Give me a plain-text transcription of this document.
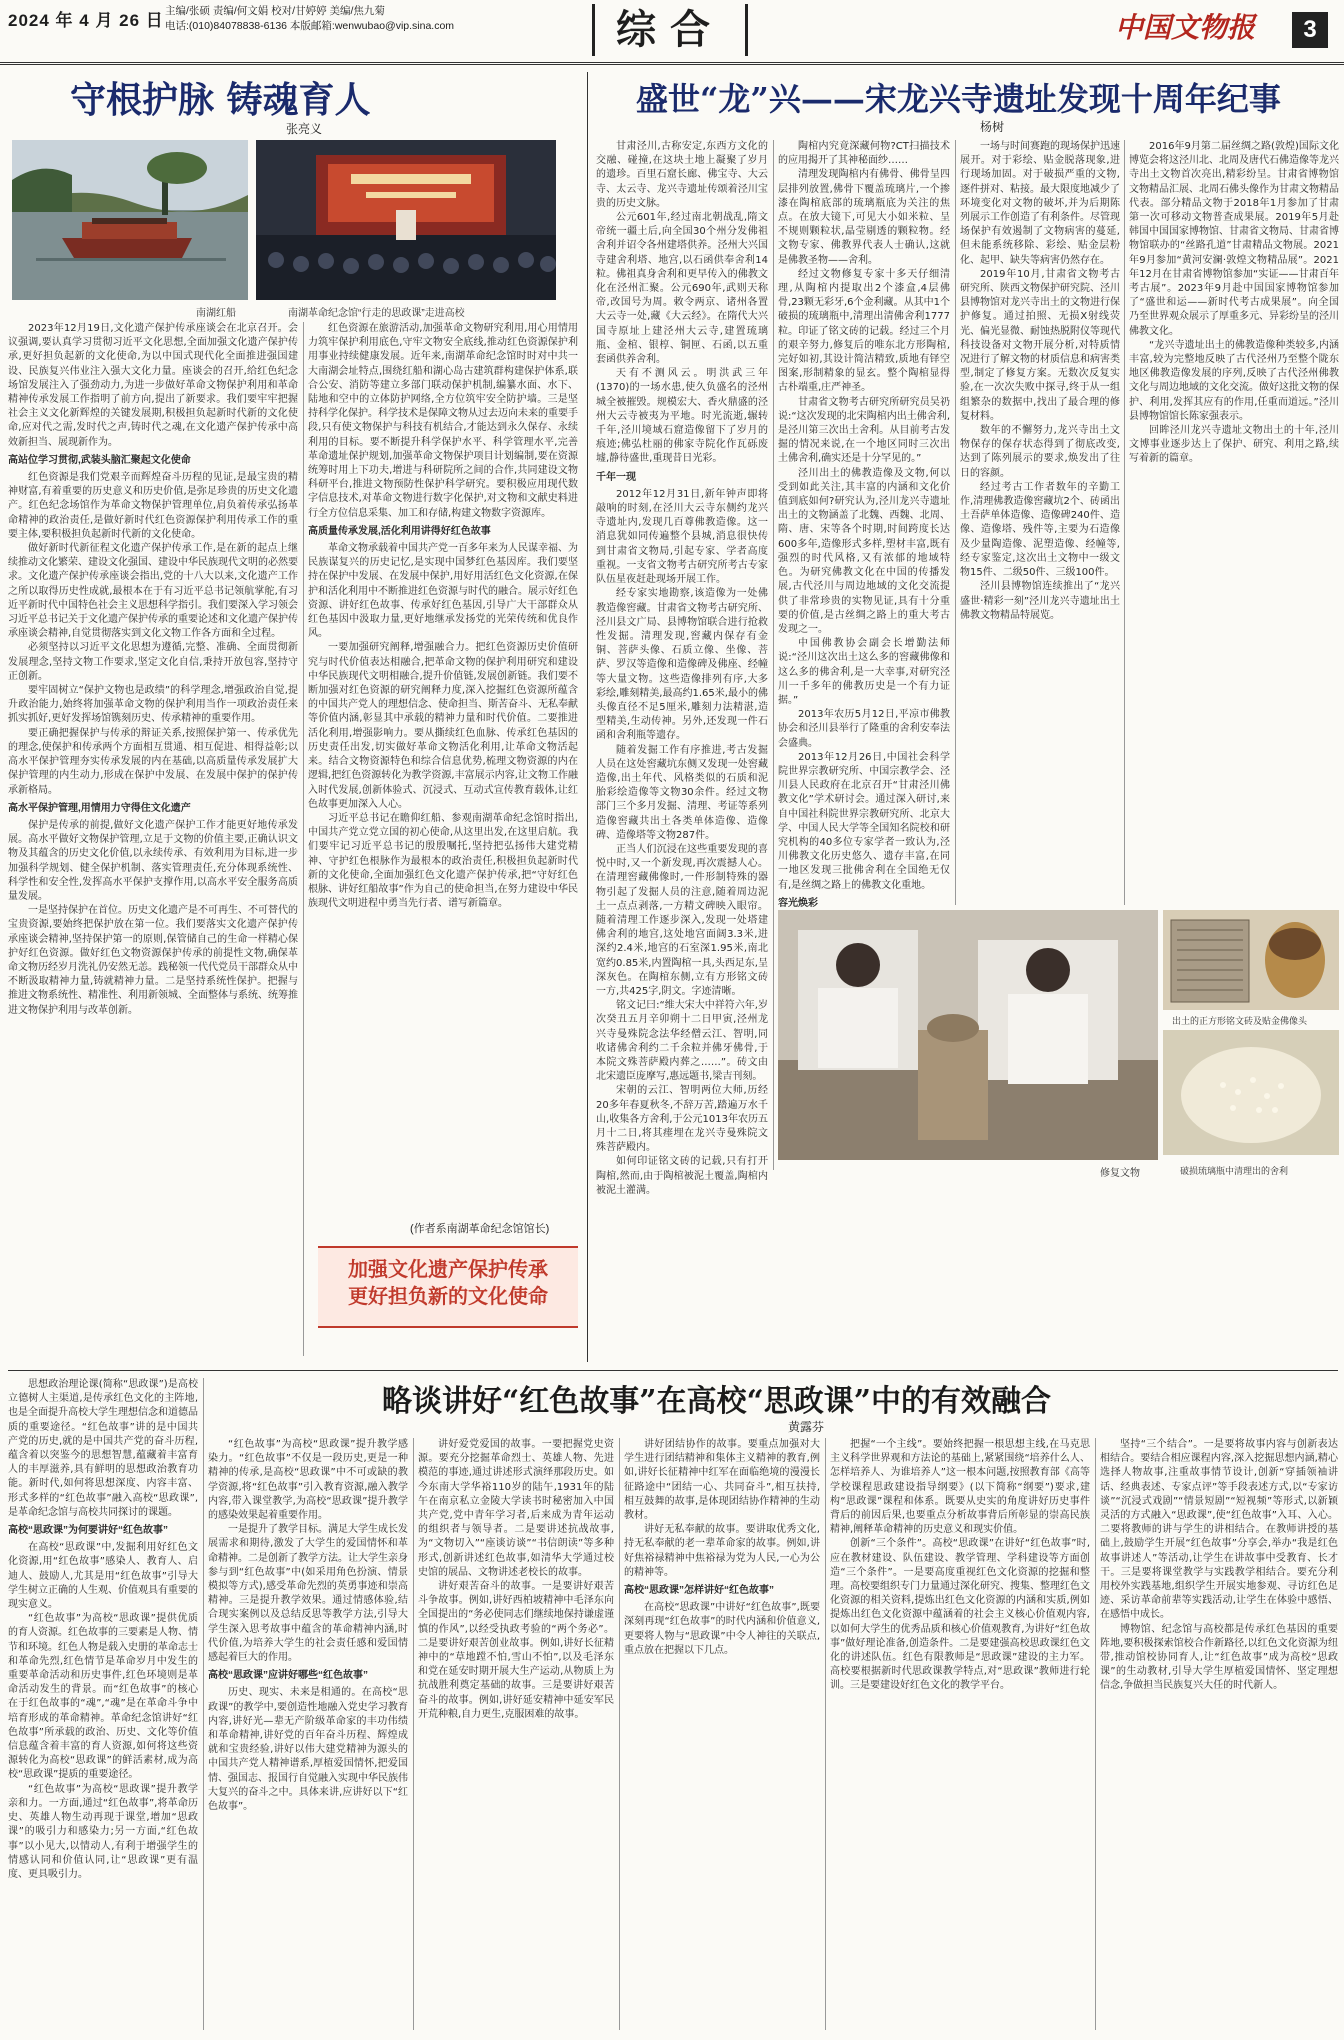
2024 年 4 月 26 日 主编/张硕 责编/何文娟 校对/甘婷婷 美编/焦九菊
电话:(010)84078838-6136 本版邮箱:wenwubao@vip.sina.com	综合	中国文物报	3
守根护脉 铸魂育人
张亮义
南湖红船	南湖革命纪念馆“行走的思政课”走进高校

2023年12月19日,文化遗产保护传承座谈会在北京召开。会议强调,要认真学习贯彻习近平文化思想,全面加强文化遗产保护传承,更好担负起新的文化使命,为以中国式现代化全面推进强国建设、民族复兴伟业注入强大文化力量。座谈会的召开,给红色纪念场馆发展注入了强劲动力,为进一步做好革命文物保护利用和革命精神传承发展工作指明了前方向,提出了新要求。我们要牢牢把握社会主义文化新辉煌的关键发展期,积极担负起新时代新的文化使命,应对代之需,发时代之声,铸时代之魂,在文化遗产保护传承中高效新担当、展现新作为。

高站位学习贯彻,武装头脑汇聚起文化使命

红色资源是我们党艰辛而辉煌奋斗历程的见证,是最宝贵的精神财富,有着重要的历史意义和历史价值,是弥足珍贵的历史文化遗产。红色纪念场馆作为革命文物保护管理单位,肩负着传承弘扬革命精神的政治责任,是做好新时代红色资源保护利用传承工作的重要主体,要积极担负起新时代新的文化使命。

做好新时代新征程文化遗产保护传承工作,是在新的起点上继续推动文化繁荣、建设文化强国、建设中华民族现代文明的必然要求。文化遗产保护传承座谈会指出,党的十八大以来,文化遗产工作之所以取得历史性成就,最根本在于有习近平总书记领航掌舵,有习近平新时代中国特色社会主义思想科学指引。我们要深入学习领会习近平总书记关于文化遗产保护传承的重要论述和文化遗产保护传承座谈会精神,自觉贯彻落实到文化文物工作各方面和全过程。

必须坚持以习近平文化思想为遵循,完整、准确、全面贯彻新发展理念,坚持文物工作要求,坚定文化自信,秉持开放包容,坚持守正创新。

要牢固树立“保护文物也是政绩”的科学理念,增强政治自觉,提升政治能力,始终将加强革命文物的保护利用当作一项政治责任来抓实抓好,更好发挥场馆镌刻历史、传承精神的重要作用。

要正确把握保护与传承的辩证关系,按照保护第一、传承优先的理念,使保护和传承两个方面相互贯通、相互促进、相得益彰;以高水平保护管理夯实传承发展的内在基础,以高质量传承发展扩大保护管理的内生动力,形成在保护中发展、在发展中保护的保护传承新格局。

高水平保护管理,用情用力守得住文化遗产

保护是传承的前提,做好文化遗产保护工作才能更好地传承发展。高水平做好文物保护管理,立足于文物的价值主要,正确认识文物及其蕴含的历史文化价值,以永续传承、有效利用为目标,进一步加强科学规划、健全保护机制、落实管理责任,充分体现系统性、科学性和安全性,发挥高水平保护支撑作用,以高水平安全服务高质量发展。

一是坚持保护在首位。历史文化遗产是不可再生、不可替代的宝贵资源,要始终把保护放在第一位。我们要落实文化遗产保护传承座谈会精神,坚持保护第一的原则,保管储自己的生命一样精心保护好红色资源。做好红色文物资源保护传承的前提性文物,确保革命文物历经岁月洗礼仍安然无恙。践秘领一代代党员干部群众从中不断汲取精神力量,铸就精神力量。二是坚持系统性保护。把握与推进文物系统性、精准性、利用新领城、全面整体与系统、统筹推进文物保护利用与改革创新。

红色资源在旅游活动,加强革命文物研究利用,用心用情用力筑牢保护利用底色,守牢文物安全底线,推动红色资源保护利用事业持续健康发展。近年来,南湖革命纪念馆时时对中共一大南湖会址特点,围绕红船和湖心岛古建筑群构建保护体系,联合公安、消防等建立多部门联动保护机制,编纂水面、水下、陆地和空中的立体防护网络,全方位筑牢安全防护墙。三是坚持科学化保护。科学技术是保障文物从过去迈向未来的重要手段,只有使文物保护与科技有机结合,才能达到永久保存、永续利用的目标。要不断提升科学保护水平、科学管理水平,完善革命遗址保护规划,加强革命文物保护项目计划编制,要在资源统筹时用上下功夫,增进与科研院所之间的合作,共同建设文物科研平台,推进文物预防性保护科学研究。要积极应用现代数字信息技术,对革命文物进行数字化保护,对文物和文献史料进行全方位信息采集、加工和存储,构建文物数字资源库。

高质量传承发展,活化利用讲得好红色故事

革命文物承载着中国共产党一百多年来为人民谋幸福、为民族谋复兴的历史记忆,是实现中国梦红色基因库。我们要坚持在保护中发展、在发展中保护,用好用活红色文化资源,在保护和活化利用中不断推进红色资源与时代的融合。展示好红色资源、讲好红色故事、传承好红色基因,引导广大干部群众从红色基因中汲取力量,更好地继承发扬党的光荣传统和优良作风。

一要加强研究阐释,增强融合力。把红色资源历史价值研究与时代价值表达相融合,把革命文物的保护利用研究和建设中华民族现代文明相融合,提升价值链,发展创新链。我们要不断加强对红色资源的研究阐释力度,深入挖掘红色资源所蕴含的中国共产党人的理想信念、使命担当、斯苦奋斗、无私奉献等价值内涵,彰显其中承载的精神力量和时代价值。二要推进活化利用,增强影响力。要从撕续红色血脉、传承红色基因的历史责任出发,切实做好革命文物活化利用,让革命文物活起来。结合文物资源特色和综合信息优势,梳理文物资源的内在逻辑,把红色资源转化为教学资源,丰富展示内容,让文物工作融入时代发展,创新体验式、沉浸式、互动式宣传教育载体,让红色故事更加深入人心。

习近平总书记在瞻仰红船、参观南湖革命纪念馆时指出,中国共产党立党立国的初心使命,从这里出发,在这里启航。我们要牢记习近平总书记的殷殷嘱托,坚持把弘扬伟大建党精神、守护红色根脉作为最根本的政治责任,积极担负起新时代新的文化使命,全面加强红色文化遗产保护传承,把“守好红色根脉、讲好红船故事”作为自己的使命担当,在努力建设中华民族现代文明进程中勇当先行者、谱写新篇章。

(作者系南湖革命纪念馆馆长)
加强文化遗产保护传承
更好担负新的文化使命
盛世“龙”兴——宋龙兴寺遗址发现十周年纪事
杨树

甘肃泾川,古称安定,东西方文化的交融、碰撞,在这块土地上凝聚了岁月的遗珍。百里石窟长廊、佛宝寺、大云寺、太云寺、龙兴寺遗址传颂着泾川宝贵的历史文脉。

公元601年,经过南北朝战乱,隋文帝统一疆土后,向全国30个州分发佛祖舍利并诏令各州建塔供养。泾州大兴国寺建舍利塔、地宫,以石函供奉舍利14粒。佛祖真身舍利和更早传入的佛教文化在泾州汇聚。公元690年,武则天称帝,改国号为周。敕令两京、诸州各置大云寺一处,藏《大云经》。在隋代大兴国寺原址上建泾州大云寺,建置琉璃瓶、金棺、银椁、铜匣、石函,以五重套函供养舍利。

天有不测风云。明洪武三年(1370)的一场水患,使久负盛名的泾州城全被摧毁。规模宏大、香火鼎盛的泾州大云寺被夷为平地。时光流逝,辗转千年,泾川境域石窟造像留下了岁月的痕迹;佛弘杜丽的佛家寺院化作瓦砾废墟,静待盛世,重现昔日光彩。

千年一现

2012年12月31日,新年钟声即将敲响的时刻,在泾川大云寺东侧约龙兴寺遗址内,发现几百尊佛教造像。这一消息犹如同传遍整个县城,消息很快传到甘肃省文物局,引起专家、学者高度重视。一支省文物考古研究所考古专家队伍星夜赶赴现场开展工作。

经专家实地勘察,该造像为一处佛教造像窖藏。甘肃省文物考古研究所、泾川县文广局、县博物馆联合进行抢救性发掘。清理发现,窖藏内保存有金铜、菩萨头像、石质立像、坐像、菩萨、罗汉等造像和造像碑及佛座、经幢等大量文物。这些造像排列有序,大多彩绘,雕刻精美,最高约1.65米,最小的佛头像直径不足5厘米,雕刻力法精湛,造型精美,生动传神。另外,还发现一件石函和舍利瓶等遗存。

随着发掘工作有序推进,考古发掘人员在这处窖藏坑东侧又发现一处窖藏造像,出土年代、风格类似的石质和泥胎彩绘造像等文物30余件。经过文物部门三个多月发掘、清理、考证等系列造像窖藏共出土各类单体造像、造像碑、造像塔等文物287件。

正当人们沉浸在这些重要发现的喜悦中时,又一个新发现,再次震撼人心。在清理窖藏佛像时,一件形制特殊的器物引起了发掘人员的注意,随着周边泥土一点点剥落,一方精文碑映入眼帘。随着清理工作逐步深入,发现一处塔建佛舍利的地宫,这处地宫面阔3.3米,进深约2.4米,地宫的石室深1.95米,南北宽约0.85米,内置陶棺一具,头西足东,呈深灰色。在陶棺东侧,立有方形铭文砖一方,共425字,阴文。字迹清晰。

铭文记曰:“维大宋大中祥符六年,岁次癸丑五月辛卯朔十二日甲寅,泾州龙兴寺曼殊院念法华经僧云江、智明,同收诸佛舍利约二千余粒并佛牙佛骨,于本院文殊菩萨殿内葬之……”。砖文由北宋遗臣庞摩写,惠远题书,梁吉刊刻。

宋朝的云江、智明两位大师,历经20多年春夏秋冬,不辞万苦,踏遍万水千山,收集各方舍利,于公元1013年农历五月十二日,将其瘗埋在龙兴寺曼殊院文殊菩萨殿内。

如何印证铭文砖的记载,只有打开陶棺,然而,由于陶棺被泥土覆盖,陶棺内被泥土灌满。

陶棺内究竟深藏何物?CT扫描技术的应用揭开了其神秘面纱……

清理发现陶棺内有佛骨、佛骨呈四层排列放置,佛骨下覆盖琉璃片,一个掺漆在陶棺底部的琉璃瓶底为关注的焦点。在放大镜下,可见大小如米粒、呈不规则颗粒状,晶莹剔透的颗粒物。经文物专家、佛教界代表人士确认,这就是佛教圣物——舍利。

经过文物修复专家十多天仔细清理,从陶棺内提取出2个漆盒,4层佛骨,23颗无彩牙,6个金利藏。从其中1个破损的琉璃瓶中,清理出清佛舍利1777粒。印证了铭文砖的记载。经过三个月的艰辛努力,修复后的唯东北方形陶棺,完好如初,其设计简洁精致,质地有铎空图案,形制精象的显玄。整个陶棺显得古朴端重,庄严神圣。

甘肃省文物考古研究所研究员吴礽说:“这次发现的北宋陶棺内出土佛舍利,是泾川第三次出土舍利。从目前考古发掘的情况来说,在一个地区同时三次出土佛舍利,确实还是十分罕见的。”

泾川出土的佛教造像及文物,何以受到如此关注,其丰富的内涵和文化价值到底如何?研究认为,泾川龙兴寺遗址出土的文物涵盖了北魏、西魏、北周、隋、唐、宋等各个时期,时间跨度长达600多年,造像形式多样,塑材丰富,既有强烈的时代风格,又有浓郁的地域特色。为研究佛教文化在中国的传播发展,古代泾川与周边地域的文化交流提供了非常珍贵的实物见证,具有十分重要的价值,是古丝绸之路上的重大考古发现之一。

中国佛教协会副会长增勤法师说:“泾川这次出土这么多的窖藏佛像和这么多的佛舍利,是一大幸事,对研究泾川一千多年的佛教历史是一个有力证据。”

2013年农历5月12日,平凉市佛教协会和泾川县举行了隆重的舍利安奉法会盛典。

2013年12月26日,中国社会科学院世界宗教研究所、中国宗教学会、泾川县人民政府在北京召开“甘肃泾川佛教文化”学术研讨会。通过深入研讨,来自中国社科院世界宗教研究所、北京大学、中国人民大学等全国知名院校和研究机构的40多位专家学者一致认为,泾川佛教文化历史悠久、遗存丰富,在同一地区发现三批佛舍利在全国绝无仅有,是丝绸之路上的佛教文化重地。

容光焕彩

一场与时间赛跑的现场保护迅速展开。对于彩绘、贴金脱落现象,进行现场加固。对于破损严重的文物,逐件拼对、粘接。最大限度地减少了环境变化对文物的破坏,并为后期陈列展示工作创造了有利条件。尽管现场保护有效遏制了文物病害的蔓延,但未能系统移除、彩绘、贴金层粉化、起甲、缺失等病害仍然存在。

2019年10月,甘肃省文物考古研究所、陕西文物保护研究院、泾川县博物馆对龙兴寺出土的文物进行保护修复。通过拍照、无损X射线荧光、偏光显微、耐蚀热脱附仪等现代科技设备对文物开展分析,对特质情况进行了解文物的材质信息和病害类型,制定了修复方案。无数次反复实验,在一次次失败中探寻,终于从一组组繁杂的数据中,找出了最合理的修复材料。

数年的不懈努力,龙兴寺出土文物保存的保存状态得到了彻底改变,达到了陈列展示的要求,焕发出了往日的容颜。

经过考古工作者数年的辛勤工作,清理佛教造像窖藏坑2个、砖函出土吾萨单体造像、造像碑240件、造像、造像塔、残件等,主要为石造像及少量陶造像、泥塑造像、经幢等,经专家鉴定,这次出土文物中一级文物15件、二级50件、三级100件。

泾川县博物馆连续推出了“龙兴盛世·精彩一刻”泾川龙兴寺遗址出土佛教文物精品特展览。

2016年9月第二届丝绸之路(敦煌)国际文化博览会将这泾川北、北周及唐代石佛造像等龙兴寺出土文物首次亮出,精彩纷呈。甘肃省博物馆文物精品汇展、北周石佛头像作为甘肃文物精品代表。部分精品文物于2018年1月参加了甘肃第一次可移动文物普查成果展。2019年5月赴韩国中国国家博物馆、甘肃省文物局、甘肃省博物馆联办的“丝路孔道”甘肃精品文物展。2021年9月参加“黄河安澜·敦煌文物精品展”。2021年12月在甘肃省博物馆参加“实证——甘肃百年考古展”。2023年9月赴中国国家博物馆参加了“盛世和运——新时代考古成果展”。向全国乃至世界观众展示了厚重多元、异彩纷呈的泾川佛教文化。

“龙兴寺遗址出土的佛教造像种类较多,内涵丰富,较为完整地反映了古代泾州乃至整个陇东地区佛教造像发展的序列,反映了古代泾州佛教文化与周边地域的文化交流。做好这批文物的保护、利用,发挥其应有的作用,任重而道远。”泾川县博物馆馆长陈家强表示。

回眸泾川龙兴寺遗址文物出土的十年,泾川文博事业逐步达上了保护、研究、利用之路,续写着新的篇章。

修复文物
出土的正方形铭文砖及贴金佛像头
破损琉璃瓶中清理出的舍利
略谈讲好“红色故事”在高校“思政课”中的有效融合
黄露芬

思想政治理论课(简称“思政课”)是高校立德树人主渠道,是传承红色文化的主阵地,也是全面提升高校大学生理想信念和道德品质的重要途径。“红色故事”讲的是中国共产党的历史,就的是中国共产党的奋斗历程,蕴含着以突鉴今的思想智慧,蕴藏着丰富育人的丰厚滋养,具有鲜明的思想政治教育功能。新时代,如何将思想深度、内容丰富、形式多样的“红色故事”融入高校“思政课”,是革命纪念馆与高校共同探讨的课题。

高校“思政课”为何要讲好“红色故事”

在高校“思政课”中,发掘利用好红色文化资源,用“红色故事”感染人、教育人、启迪人、鼓励人,尤其是用“红色故事”引导大学生树立正确的人生观、价值观具有重要的现实意义。

“红色故事”为高校“思政课”提供优质的育人资源。红色故事的三要素是人物、情节和环境。红色人物是载入史册的革命志士和革命先烈,红色情节是革命岁月中发生的重要革命活动和历史事件,红色环境则是革命活动发生的背景。而“红色故事”的核心在于红色故事的“魂”,“魂”是在革命斗争中培育形成的革命精神。革命纪念馆讲好“红色故事”所承载的政治、历史、文化等价值信息蕴含着丰富的育人资源,如何将这些资源转化为高校“思政课”的鲜活素材,成为高校“思政课”提质的重要途径。

“红色故事”为高校“思政课”提升教学亲和力。一方面,通过“红色故事”,将革命历史、英雄人物生动再现于课堂,增加“思政课”的吸引力和感染力;另一方面,“红色故事”以小见大,以情动人,有利于增强学生的情感认同和价值认同,让“思政课”更有温度、更具吸引力。

“红色故事”为高校“思政课”提升教学感染力。“红色故事”不仅是一段历史,更是一种精神的传承,是高校“思政课”中不可或缺的教学资源,将“红色故事”引入教育资源,融入教学内容,带入课堂教学,为高校“思政课”提升教学的感染效果起着重要作用。

一是提升了教学目标。满足大学生成长发展需求和期待,激发了大学生的爱国情怀和革命精神。二是创新了教学方法。让大学生亲身参与到“红色故事”中(如采用角色扮演、情景模拟等方式),感受革命先烈的英勇事迹和崇高精神。三是提升教学效果。通过情感体验,结合现实案例以及总结反思等教学方法,引导大学生深入思考故事中蕴含的革命精神内涵,时代价值,为培养大学生的社会责任感和爱国情感起着巨大的作用。

高校“思政课”应讲好哪些“红色故事”

历史、现实、未来是相通的。在高校“思政课”的教学中,要创造性地融入党史学习教育内容,讲好光—辈无产阶级革命家的丰功伟绩和革命精神,讲好党的百年奋斗历程、辉煌成就和宝贵经验,讲好以伟大建党精神为源头的中国共产党人精神谱系,厚植爱国情怀,把爱国情、强国志、报国行自觉融入实现中华民族伟大复兴的奋斗之中。具体来讲,应讲好以下“红色故事”。

讲好爱党爱国的故事。一要把握党史资源。要充分挖掘革命烈士、英雄人物、先进模范的事迹,通过讲述形式演绎那段历史。如今东南大学华裕110岁的陆午,1931年的陆午在南京私立金陵大学读书时秘密加入中国共产党,党中青年学习者,后来成为青年运动的组织者与领导者。二是要讲述抗战故事,为“文物切入”“座谈访谈”“书信朗读”等多种形式,创新讲述红色故事,如清华大学通过校史馆的展品、文物讲述老校长的故事。

讲好艰苦奋斗的故事。一是要讲好艰苦斗争故事。例如,讲好西柏坡精神中毛泽东向全国提出的“务必使同志们继续地保持谦虚谨慎的作风”,以经受执政考验的“两个务必”。二是要讲好艰苦创业故事。例如,讲好长征精神中的“草地蹚不怕,雪山不怕”,以及毛泽东和党在延安时期开展大生产运动,从物质上为抗战胜利奠定基础的故事。三是要讲好艰苦奋斗的故事。例如,讲好延安精神中延安军民开荒种粮,自力更生,克服困难的故事。

讲好团结协作的故事。要重点加强对大学生进行团结精神和集体主义精神的教育,例如,讲好长征精神中红军在面临绝境的漫漫长征路途中“团结一心、共同奋斗”,相互扶持,相互鼓舞的故事,是体现团结协作精神的生动教材。

讲好无私奉献的故事。要讲取优秀文化,持无私奉献的老一辈革命家的故事。例如,讲好焦裕禄精神中焦裕禄为党为人民,一心为公的精神等。

高校“思政课”怎样讲好“红色故事”

在高校“思政课”中讲好“红色故事”,既要深刻再现“红色故事”的时代内涵和价值意义,更要将人物与“思政课”中令人神往的关联点,重点放在把握以下几点。

把握“一个主线”。要始终把握一根思想主线,在马克思主义科学世界观和方法论的基础上,紧紧围绕“培养什么人、怎样培养人、为谁培养人”这一根本问题,按照教育部《高等学校课程思政建设指导纲要》(以下简称“纲要”)要求,建构“思政课”课程和体系。既要从史实的角度讲好历史事件背后的前因后果,也要重点分析故事背后所彰显的崇高民族精神,阐释革命精神的历史意义和现实价值。

创新“三个条件”。高校“思政课”在讲好“红色故事”时,应在教材建设、队伍建设、教学管理、学科建设等方面创造“三个条件”。一是要高度重视红色文化资源的挖掘和整理。高校要组织专门力量通过深化研究、搜集、整理红色文化资源的相关资料,提炼出红色文化资源的内涵和实质,例如提炼出红色文化资源中蕴涵着的社会主义核心价值观内容,以如何大学生的优秀品质和核心价值观教育,为讲好“红色故事”做好理论准备,创造条件。二是要建强高校思政课红色文化的讲述队伍。红色有限教师是“思政课”建设的主力军。高校要根据新时代思政课教学特点,对“思政课”教师进行轮训。三是要建设好红色文化的教学平台。

坚持“三个结合”。一是要将故事内容与创新表达相结合。要结合相应课程内容,深入挖掘思想内涵,精心选择人物故事,注重故事情节设计,创新“穿插领袖讲话、经典表述、专家点评”等手段表述方式,以“专家访谈”“沉浸式戏剧”“情景短剧”“短视频”等形式,以新颖灵活的方式融入“思政课”,使“红色故事”入耳、入心。二要将教师的讲与学生的讲相结合。在教师讲授的基础上,鼓励学生开展“红色故事”分享会,举办“我是红色故事讲述人”等活动,让学生在讲故事中受教育、长才干。三是要将课堂教学与实践教学相结合。要充分利用校外实践基地,组织学生开展实地参观、寻访红色足迹、采访革命前辈等实践活动,让学生在体验中感悟、在感悟中成长。

博物馆、纪念馆与高校都是传承红色基因的重要阵地,要积极探索馆校合作新路径,以红色文化资源为纽带,推动馆校协同育人,让“红色故事”成为高校“思政课”的生动教材,引导大学生厚植爱国情怀、坚定理想信念,争做担当民族复兴大任的时代新人。
